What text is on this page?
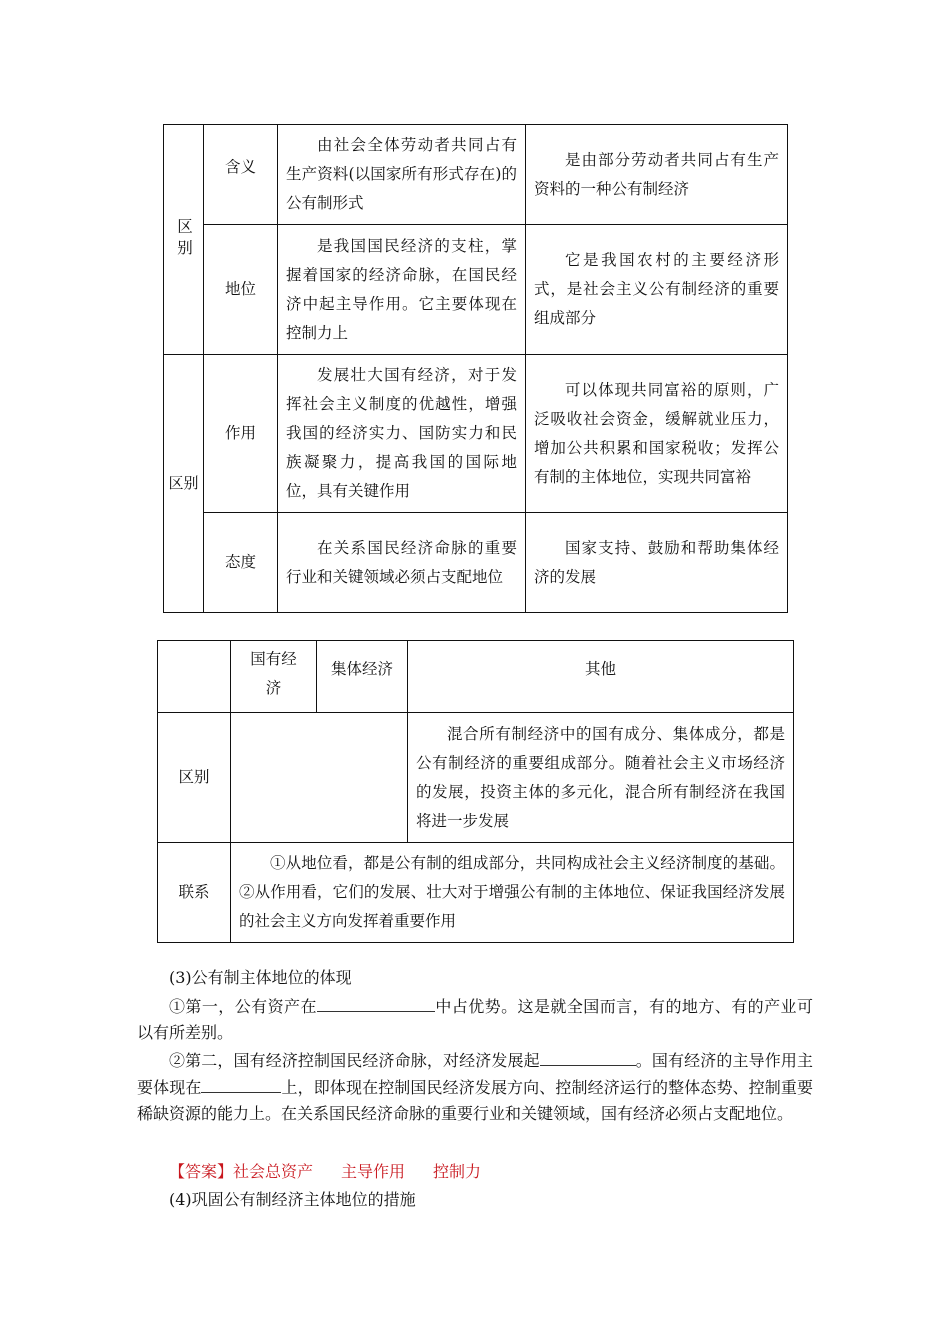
区别	含义	由社会全体劳动者共同占有生产资料(以国家所有形式存在)的公有制形式	是由部分劳动者共同占有生产资料的一种公有制经济

	地位	是我国国民经济的支柱，掌握着国家的经济命脉，在国民经济中起主导作用。它主要体现在控制力上	它是我国农村的主要经济形式，是社会主义公有制经济的重要组成部分

区别	作用	发展壮大国有经济，对于发挥社会主义制度的优越性，增强我国的经济实力、国防实力和民族凝聚力，提高我国的国际地位，具有关键作用	可以体现共同富裕的原则，广泛吸收社会资金，缓解就业压力，增加公共积累和国家税收；发挥公有制的主体地位，实现共同富裕

	态度	在关系国民经济命脉的重要行业和关键领域必须占支配地位	国家支持、鼓励和帮助集体经济的发展

	国有经济	集体经济	其他

区别			混合所有制经济中的国有成分、集体成分，都是公有制经济的重要组成部分。随着社会主义市场经济的发展，投资主体的多元化，混合所有制经济在我国将进一步发展

联系	①从地位看，都是公有制的组成部分，共同构成社会主义经济制度的基础。②从作用看，它们的发展、壮大对于增强公有制的主体地位、保证我国经济发展的社会主义方向发挥着重要作用		
(3)公有制主体地位的体现
①第一，公有资产在	中占优势。这是就全国而言，有的地方、有的产业可以有所差别。
②第二，国有经济控制国民经济命脉，对经济发展起	。国有经济的主导作用主要体现在	上，即体现在控制国民经济发展方向、控制经济运行的整体态势、控制重要稀缺资源的能力上。在关系国民经济命脉的重要行业和关键领域，国有经济必须占支配地位。
【答案】社会总资产 主导作用 控制力
(4)巩固公有制经济主体地位的措施
